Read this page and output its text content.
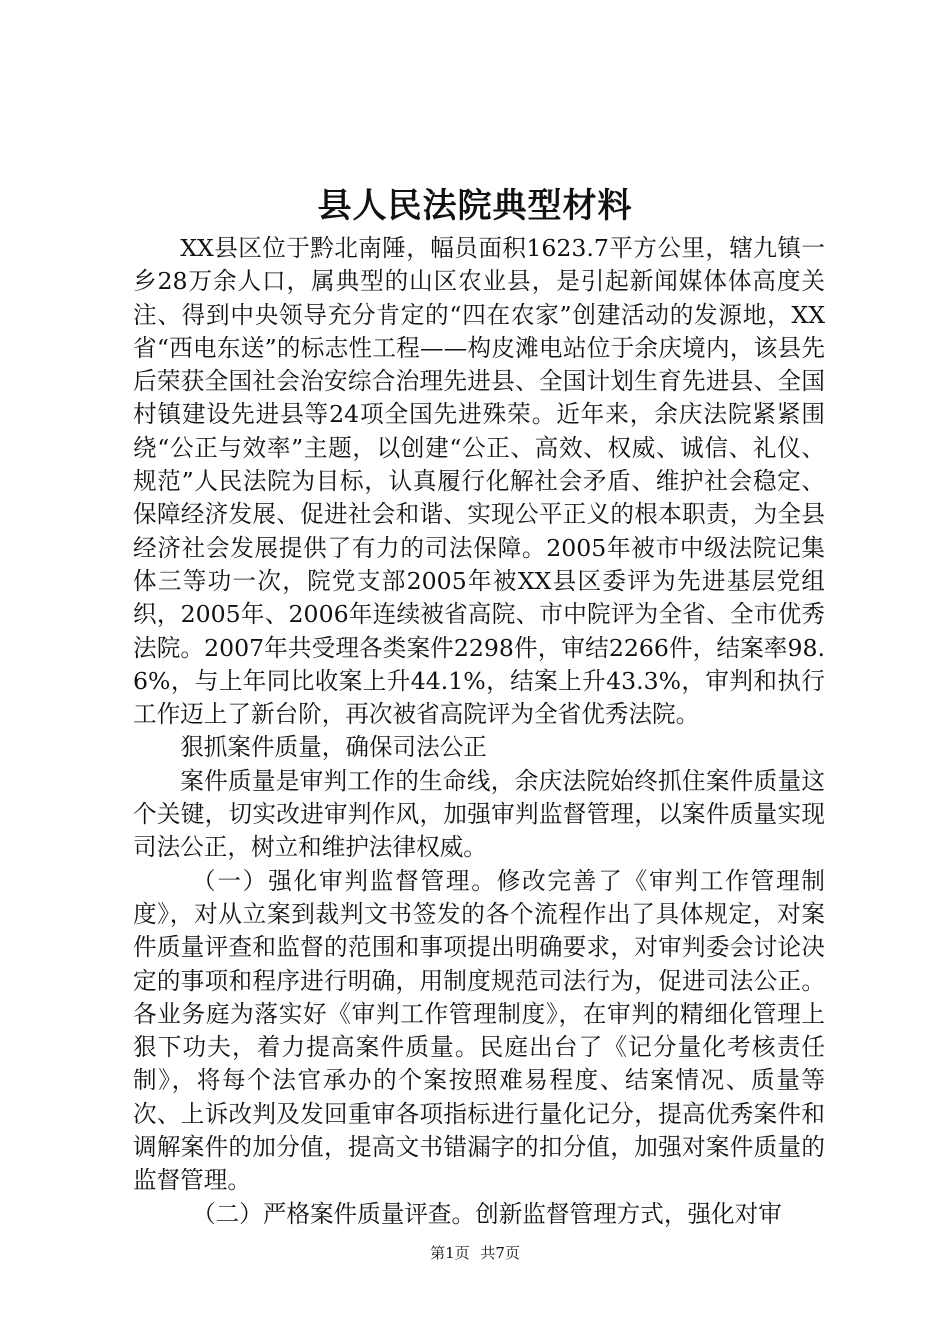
县人民法院典型材料

XX县区位于黔北南陲，幅员面积1623.7平方公里，辖九镇一乡28万余人口，属典型的山区农业县，是引起新闻媒体体高度关注、得到中央领导充分肯定的“四在农家”创建活动的发源地，XX省“西电东送”的标志性工程——构皮滩电站位于余庆境内，该县先后荣获全国社会治安综合治理先进县、全国计划生育先进县、全国村镇建设先进县等24项全国先进殊荣。近年来，余庆法院紧紧围绕“公正与效率”主题，以创建“公正、高效、权威、诚信、礼仪、规范”人民法院为目标，认真履行化解社会矛盾、维护社会稳定、保障经济发展、促进社会和谐、实现公平正义的根本职责，为全县经济社会发展提供了有力的司法保障。2005年被市中级法院记集体三等功一次，院党支部2005年被XX县区委评为先进基层党组织，2005年、2006年连续被省高院、市中院评为全省、全市优秀法院。2007年共受理各类案件2298件，审结2266件，结案率98.6%，与上年同比收案上升44.1%，结案上升43.3%，审判和执行工作迈上了新台阶，再次被省高院评为全省优秀法院。

狠抓案件质量，确保司法公正

案件质量是审判工作的生命线，余庆法院始终抓住案件质量这个关键，切实改进审判作风，加强审判监督管理，以案件质量实现司法公正，树立和维护法律权威。

（一）强化审判监督管理。修改完善了《审判工作管理制度》，对从立案到裁判文书签发的各个流程作出了具体规定，对案件质量评查和监督的范围和事项提出明确要求，对审判委会讨论决定的事项和程序进行明确，用制度规范司法行为，促进司法公正。各业务庭为落实好《审判工作管理制度》，在审判的精细化管理上狠下功夫，着力提高案件质量。民庭出台了《记分量化考核责任制》，将每个法官承办的个案按照难易程度、结案情况、质量等次、上诉改判及发回重审各项指标进行量化记分，提高优秀案件和调解案件的加分值，提高文书错漏字的扣分值，加强对案件质量的监督管理。

（二）严格案件质量评查。创新监督管理方式，强化对审

第1页 共7页
